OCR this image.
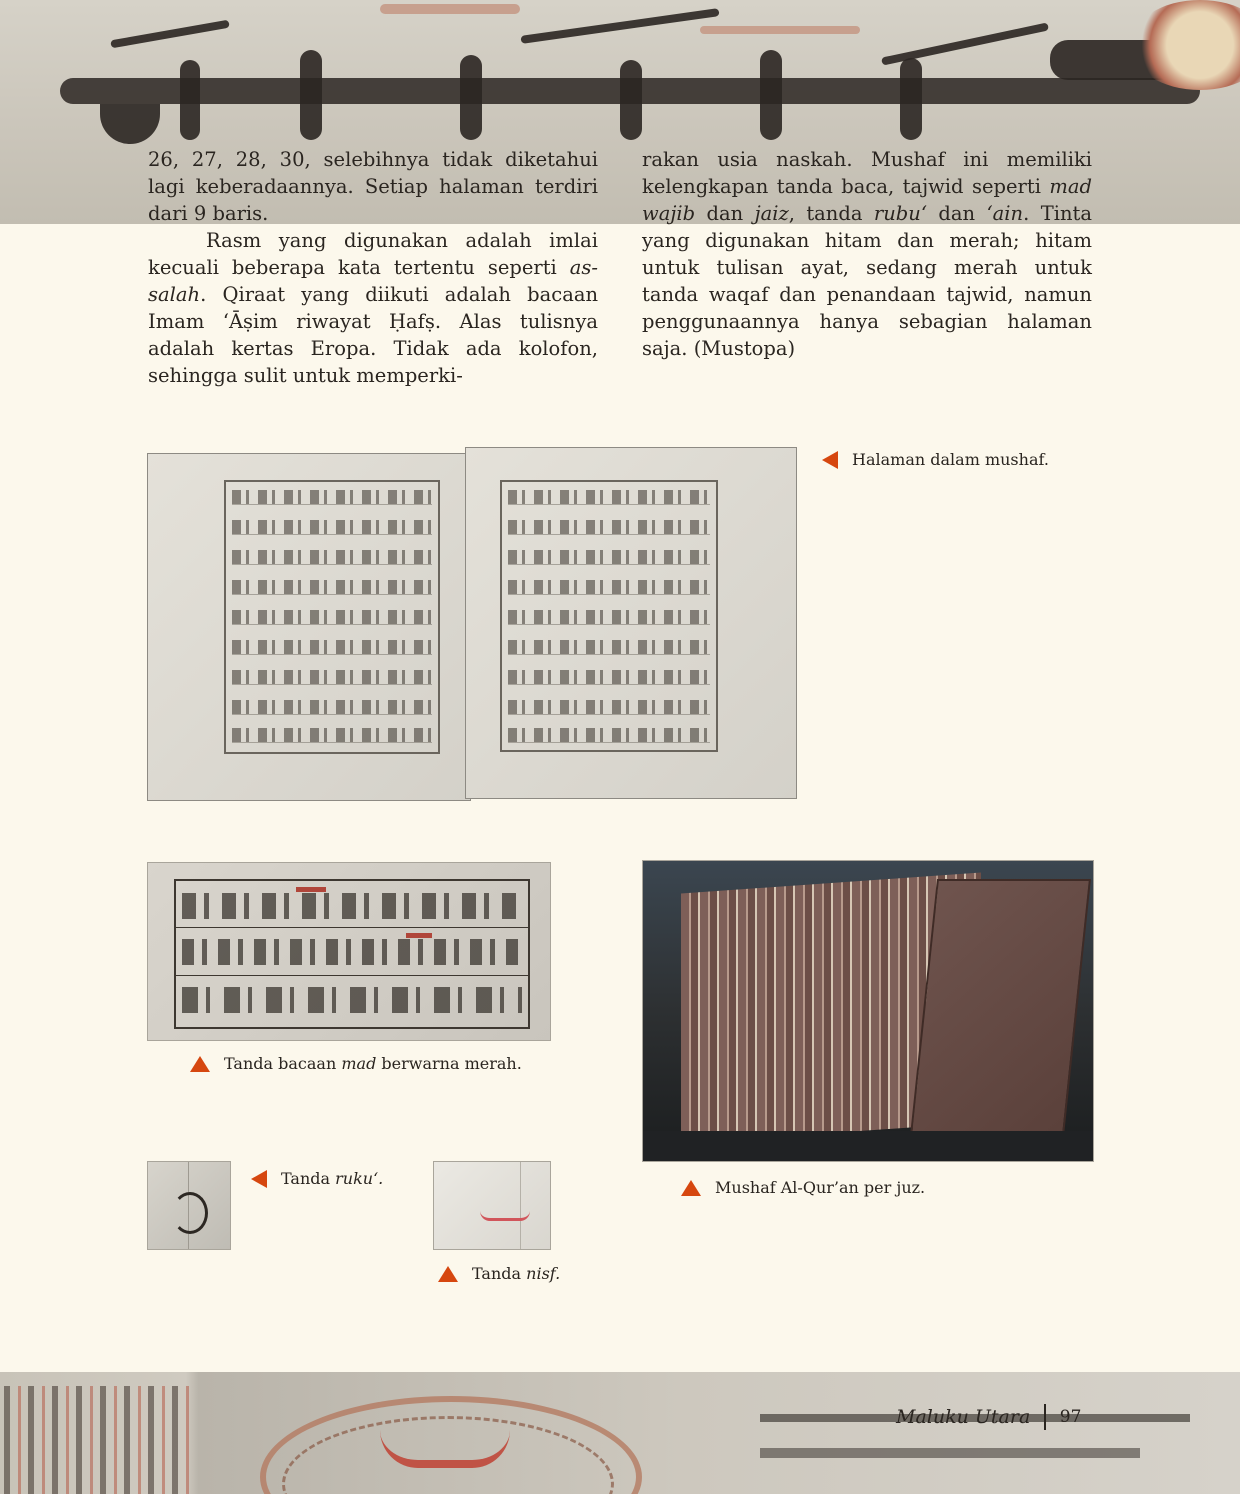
26, 27, 28, 30, selebihnya tidak diketahui lagi keberadaannya. Setiap halaman terdiri dari 9 baris.

Rasm yang digunakan adalah imlai kecuali beberapa kata tertentu seperti as-salah. Qiraat yang diikuti adalah bacaan Imam ‘Āṣim riwayat Ḥafṣ. Alas tulisnya adalah kertas Eropa. Tidak ada kolofon, sehingga sulit untuk memperki-

rakan usia naskah. Mushaf ini memiliki kelengkapan tanda baca, tajwid seperti mad wajib dan jaiz, tanda rubu‘ dan ‘ain. Tinta yang digunakan hitam dan merah; hitam untuk tulisan ayat, sedang merah untuk tanda waqaf dan penandaan tajwid, namun penggunaannya hanya sebagian halaman saja. (Mustopa)

Halaman dalam mushaf.
Tanda bacaan mad berwarna merah.
Mushaf Al-Qur’an per juz.
Tanda ruku‘.
Tanda nisf.
Maluku Utara 97
